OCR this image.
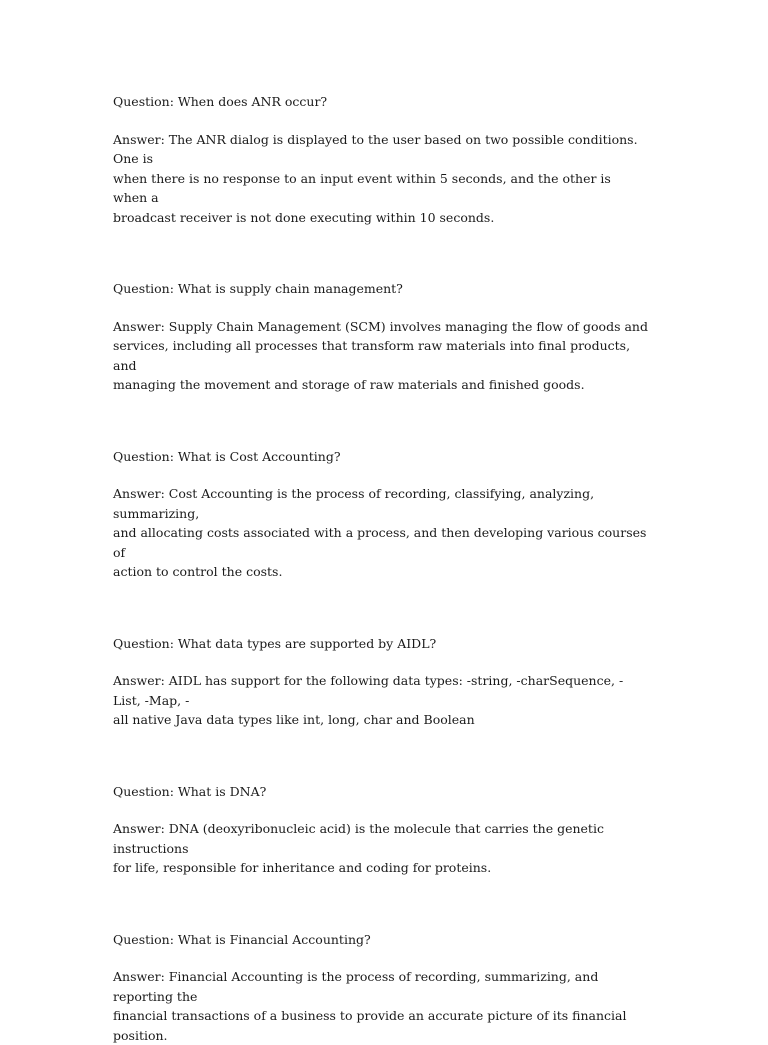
Question: When does ANR occur?

Answer: The ANR dialog is displayed to the user based on two possible conditions. One is
when there is no response to an input event within 5 seconds, and the other is when a
broadcast receiver is not done executing within 10 seconds.

Question: What is supply chain management?

Answer: Supply Chain Management (SCM) involves managing the flow of goods and
services, including all processes that transform raw materials into final products, and
managing the movement and storage of raw materials and finished goods.

Question: What is Cost Accounting?

Answer: Cost Accounting is the process of recording, classifying, analyzing, summarizing,
and allocating costs associated with a process, and then developing various courses of
action to control the costs.

Question: What data types are supported by AIDL?

Answer: AIDL has support for the following data types: -string, -charSequence, -List, -Map, -
all native Java data types like int, long, char and Boolean

Question: What is DNA?

Answer: DNA (deoxyribonucleic acid) is the molecule that carries the genetic instructions
for life, responsible for inheritance and coding for proteins.

Question: What is Financial Accounting?

Answer: Financial Accounting is the process of recording, summarizing, and reporting the
financial transactions of a business to provide an accurate picture of its financial position.
